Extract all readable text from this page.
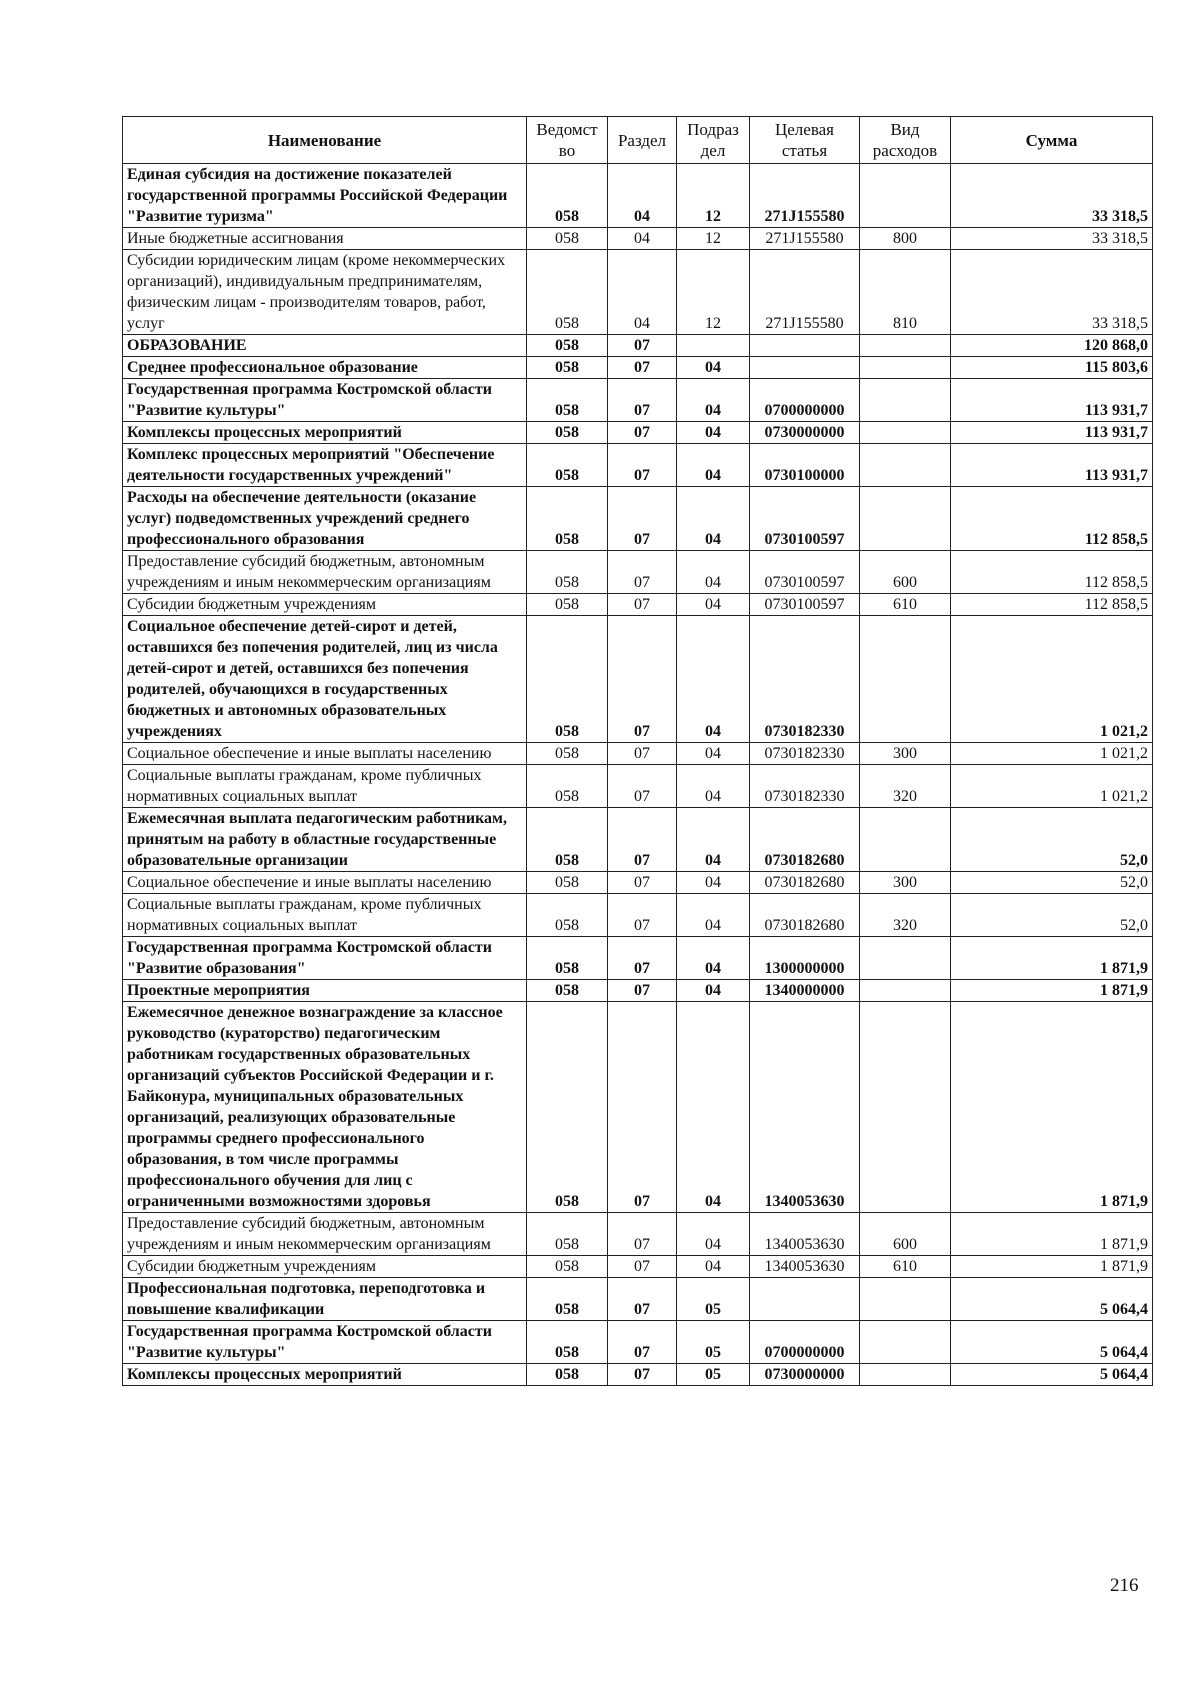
Наименование	Ведомст во	Раздел	Подраз дел	Целевая статья	Вид расходов	Сумма
Единая субсидия на достижение показателей государственной программы Российской Федерации "Развитие туризма"	058	04	12	271J155580		33 318,5
Иные бюджетные ассигнования	058	04	12	271J155580	800	33 318,5
Субсидии юридическим лицам (кроме некоммерческих организаций), индивидуальным предпринимателям, физическим лицам - производителям товаров, работ, услуг	058	04	12	271J155580	810	33 318,5
ОБРАЗОВАНИЕ	058	07				120 868,0
Среднее профессиональное образование	058	07	04			115 803,6
Государственная программа Костромской области "Развитие культуры"	058	07	04	0700000000		113 931,7
Комплексы процессных мероприятий	058	07	04	0730000000		113 931,7
Комплекс процессных мероприятий "Обеспечение деятельности государственных учреждений"	058	07	04	0730100000		113 931,7
Расходы на обеспечение деятельности (оказание услуг) подведомственных учреждений среднего профессионального образования	058	07	04	0730100597		112 858,5
Предоставление субсидий бюджетным, автономным учреждениям и иным некоммерческим организациям	058	07	04	0730100597	600	112 858,5
Субсидии бюджетным учреждениям	058	07	04	0730100597	610	112 858,5
Социальное обеспечение детей-сирот и детей, оставшихся без попечения родителей, лиц из числа детей-сирот и детей, оставшихся без попечения родителей, обучающихся в государственных бюджетных и автономных образовательных учреждениях	058	07	04	0730182330		1 021,2
Социальное обеспечение и иные выплаты населению	058	07	04	0730182330	300	1 021,2
Социальные выплаты гражданам, кроме публичных нормативных социальных выплат	058	07	04	0730182330	320	1 021,2
Ежемесячная выплата педагогическим работникам, принятым на работу в областные государственные образовательные организации	058	07	04	0730182680		52,0
Социальное обеспечение и иные выплаты населению	058	07	04	0730182680	300	52,0
Социальные выплаты гражданам, кроме публичных нормативных социальных выплат	058	07	04	0730182680	320	52,0
Государственная программа Костромской области "Развитие образования"	058	07	04	1300000000		1 871,9
Проектные мероприятия	058	07	04	1340000000		1 871,9
Ежемесячное денежное вознаграждение за классное руководство (кураторство) педагогическим работникам государственных образовательных организаций субъектов Российской Федерации и г. Байконура, муниципальных образовательных организаций, реализующих образовательные программы среднего профессионального образования, в том числе программы профессионального обучения для лиц с ограниченными возможностями здоровья	058	07	04	1340053630		1 871,9
Предоставление субсидий бюджетным, автономным учреждениям и иным некоммерческим организациям	058	07	04	1340053630	600	1 871,9
Субсидии бюджетным учреждениям	058	07	04	1340053630	610	1 871,9
Профессиональная подготовка, переподготовка и повышение квалификации	058	07	05			5 064,4
Государственная программа Костромской области "Развитие культуры"	058	07	05	0700000000		5 064,4
Комплексы процессных мероприятий	058	07	05	0730000000		5 064,4
216
